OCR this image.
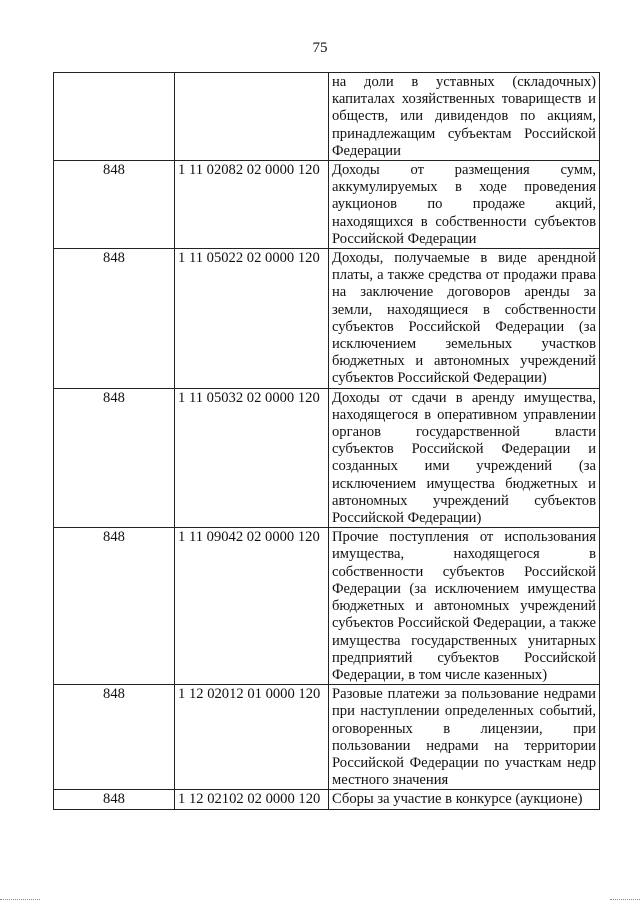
75
		на доли в уставных (складочных) капиталах хозяйственных товариществ и обществ, или дивидендов по акциям, принадлежащим субъектам Российской Федерации
848	1 11 02082 02 0000 120	Доходы от размещения сумм, аккумулируемых в ходе проведения аукционов по продаже акций, находящихся в собственности субъектов Российской Федерации
848	1 11 05022 02 0000 120	Доходы, получаемые в виде арендной платы, а также средства от продажи права на заключение договоров аренды за земли, находящиеся в собственности субъектов Российской Федерации (за исключением земельных участков бюджетных и автономных учреждений субъектов Российской Федерации)
848	1 11 05032 02 0000 120	Доходы от сдачи в аренду имущества, находящегося в оперативном управлении органов государственной власти субъектов Российской Федерации и созданных ими учреждений (за исключением имущества бюджетных и автономных учреждений субъектов Российской Федерации)
848	1 11 09042 02 0000 120	Прочие поступления от использования имущества, находящегося в собственности субъектов Российской Федерации (за исключением имущества бюджетных и автономных учреждений субъектов Российской Федерации, а также имущества государственных унитарных предприятий субъектов Российской Федерации, в том числе казенных)
848	1 12 02012 01 0000 120	Разовые платежи за пользование недрами при наступлении определенных событий, оговоренных в лицензии, при пользовании недрами на территории Российской Федерации по участкам недр местного значения
848	1 12 02102 02 0000 120	Сборы за участие в конкурсе (аукционе)
